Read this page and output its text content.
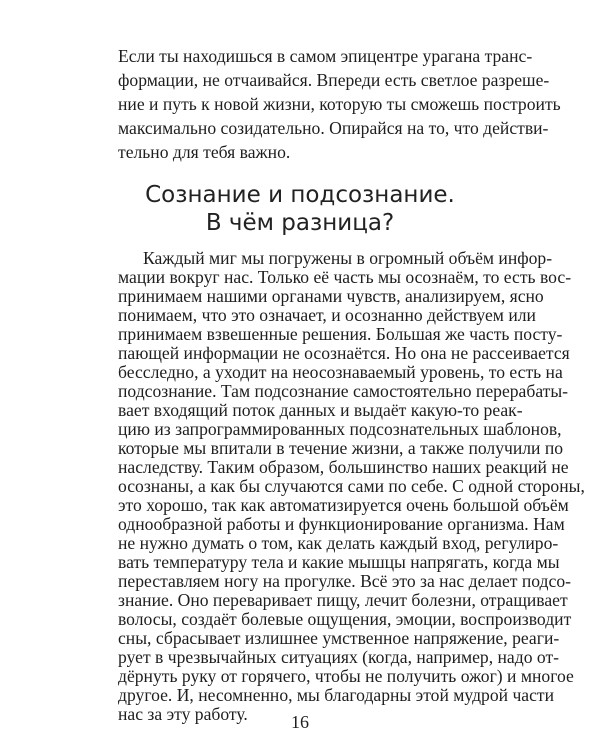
Если ты находишься в самом эпицентре урагана транс-
формации, не отчаивайся. Впереди есть светлое разреше-
ние и путь к новой жизни, которую ты сможешь построить
максимально созидательно. Опирайся на то, что действи-
тельно для тебя важно.
Сознание и подсознание.
В чём разница?
Каждый миг мы погружены в огромный объём инфор-
мации вокруг нас. Только её часть мы осознаём, то есть вос-
принимаем нашими органами чувств, анализируем, ясно
понимаем, что это означает, и осознанно действуем или
принимаем взвешенные решения. Большая же часть посту-
пающей информации не осознаётся. Но она не рассеивается
бесследно, а уходит на неосознаваемый уровень, то есть на
подсознание. Там подсознание самостоятельно перерабаты-
вает входящий поток данных и выдаёт какую-то реак-
цию из запрограммированных подсознательных шаблонов,
которые мы впитали в течение жизни, а также получили по
наследству. Таким образом, большинство наших реакций не
осознаны, а как бы случаются сами по себе. С одной стороны,
это хорошо, так как автоматизируется очень большой объём
однообразной работы и функционирование организма. Нам
не нужно думать о том, как делать каждый вход, регулиро-
вать температуру тела и какие мышцы напрягать, когда мы
переставляем ногу на прогулке. Всё это за нас делает подсо-
знание. Оно переваривает пищу, лечит болезни, отращивает
волосы, создаёт болевые ощущения, эмоции, воспроизводит
сны, сбрасывает излишнее умственное напряжение, реаги-
рует в чрезвычайных ситуациях (когда, например, надо от-
дёрнуть руку от горячего, чтобы не получить ожог) и многое
другое. И, несомненно, мы благодарны этой мудрой части
нас за эту работу.	16
